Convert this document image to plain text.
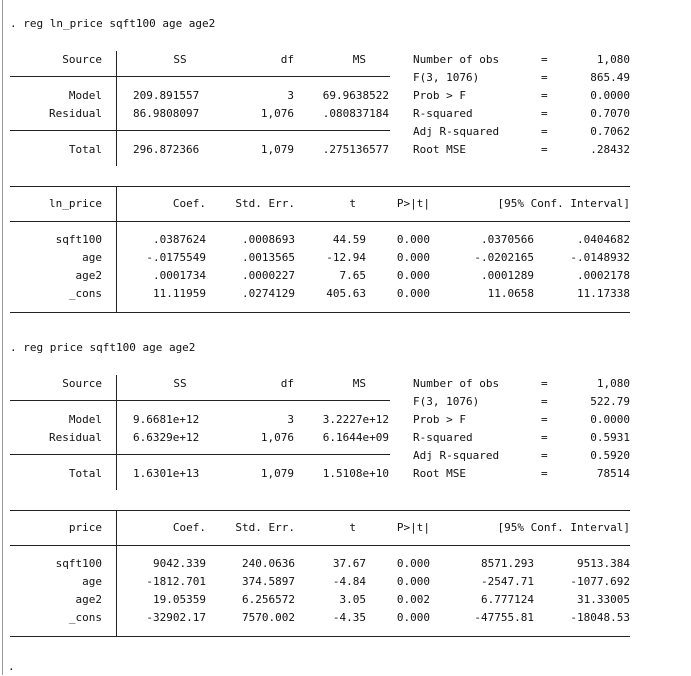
. reg ln_price sqft100 age age2
Source	SS	df	MS
Model	209.891557	3	69.9638522
Residual	86.9808097	1,076	.080837184
Total	296.872366	1,079	.275136577
Number of obs	=	1,080
F(3, 1076)	=	865.49
Prob > F	=	0.0000
R-squared	=	0.7070
Adj R-squared	=	0.7062
Root MSE	=	.28432
ln_price	Coef.	Std. Err.	t	P>|t|	[95% Conf. Interval]
sqft100	.0387624	.0008693	44.59	0.000	.0370566	.0404682
age	-.0175549	.0013565	-12.94	0.000	-.0202165	-.0148932
age2	.0001734	.0000227	7.65	0.000	.0001289	.0002178
_cons	11.11959	.0274129	405.63	0.000	11.0658	11.17338
. reg price sqft100 age age2
Source	SS	df	MS
Model	9.6681e+12	3	3.2227e+12
Residual	6.6329e+12	1,076	6.1644e+09
Total	1.6301e+13	1,079	1.5108e+10
Number of obs	=	1,080
F(3, 1076)	=	522.79
Prob > F	=	0.0000
R-squared	=	0.5931
Adj R-squared	=	0.5920
Root MSE	=	78514
price	Coef.	Std. Err.	t	P>|t|	[95% Conf. Interval]
sqft100	9042.339	240.0636	37.67	0.000	8571.293	9513.384
age	-1812.701	374.5897	-4.84	0.000	-2547.71	-1077.692
age2	19.05359	6.256572	3.05	0.002	6.777124	31.33005
_cons	-32902.17	7570.002	-4.35	0.000	-47755.81	-18048.53
.
